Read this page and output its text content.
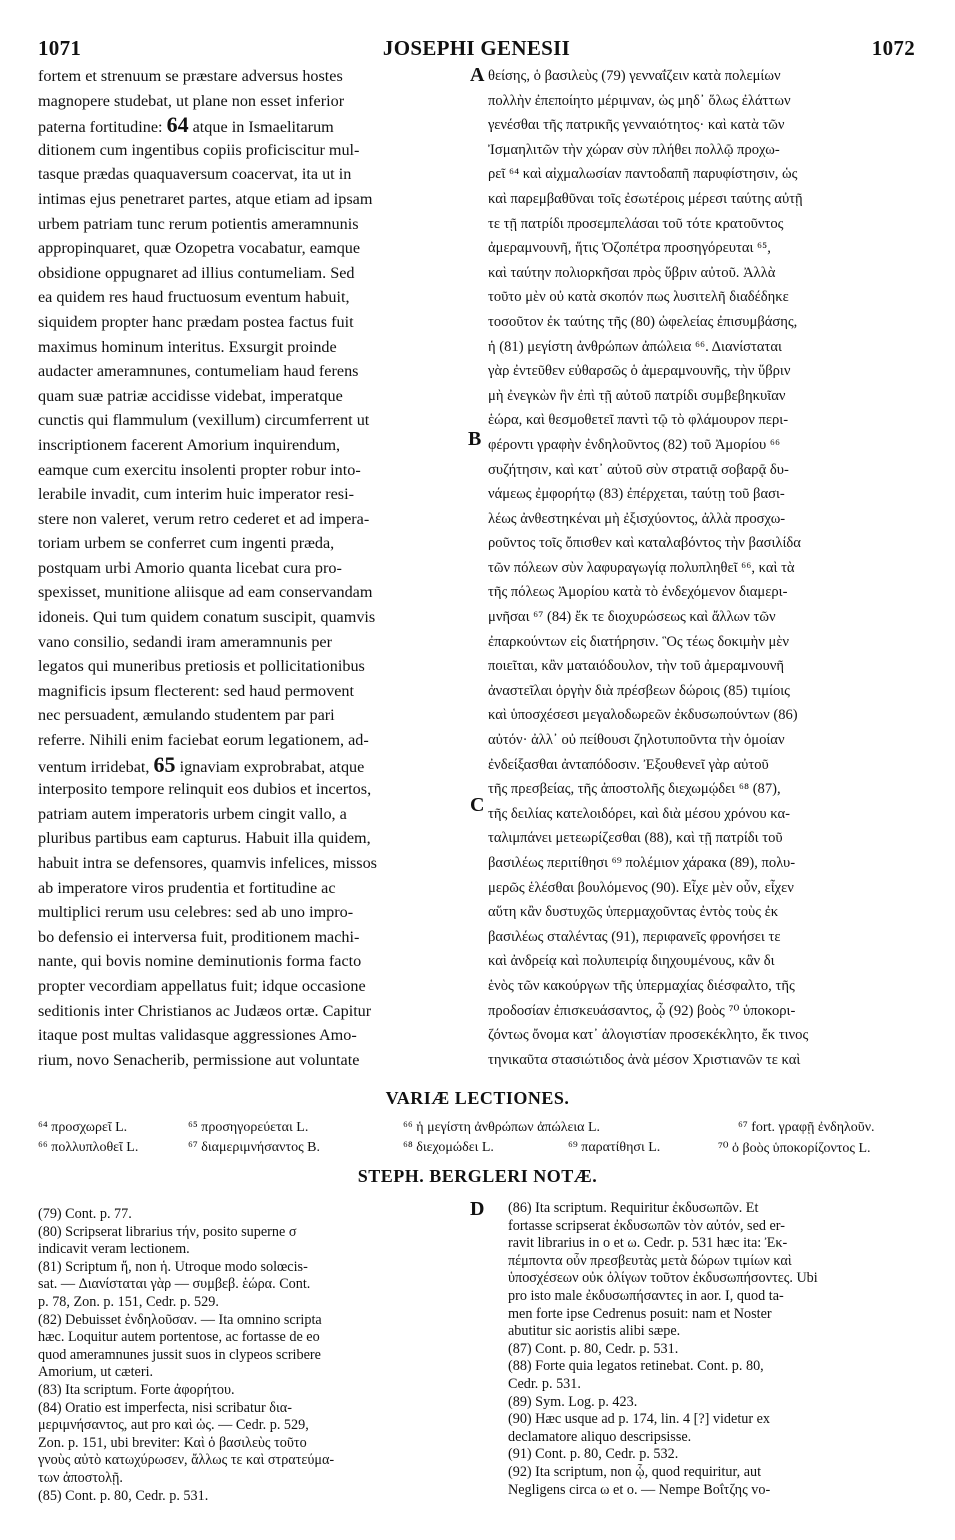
JOSEPHI GENESII
1071	1072
fortem et strenuum se præstare adversus hostes
magnopere studebat, ut plane non esset inferior
paterna fortitudine: 64 atque in Ismaelitarum
ditionem cum ingentibus copiis proficiscitur mul-
tasque prædas quaquaversum coacervat, ita ut in
intimas ejus penetraret partes, atque etiam ad ipsam
urbem patriam tunc rerum potientis ameramnunis
appropinquaret, quæ Ozopetra vocabatur, eamque
obsidione oppugnaret ad illius contumeliam. Sed
ea quidem res haud fructuosum eventum habuit,
siquidem propter hanc prædam postea factus fuit
maximus hominum interitus. Exsurgit proinde
audacter ameramnunes, contumeliam haud ferens
quam suæ patriæ accidisse videbat, imperatque
cunctis qui flammulum (vexillum) circumferrent ut
inscriptionem facerent Amorium inquirendum,
eamque cum exercitu insolenti propter robur into-
lerabile invadit, cum interim huic imperator resi-
stere non valeret, verum retro cederet et ad impera-
toriam urbem se conferret cum ingenti præda,
postquam urbi Amorio quanta licebat cura pro-
spexisset, munitione aliisque ad eam conservandam
idoneis. Qui tum quidem conatum suscipit, quamvis
vano consilio, sedandi iram ameramnunis per
legatos qui muneribus pretiosis et pollicitationibus
magnificis ipsum flecterent: sed haud permovent
nec persuadent, æmulando studentem par pari
referre. Nihili enim faciebat eorum legationem, ad-
ventum irridebat, 65 ignaviam exprobrabat, atque
interposito tempore relinquit eos dubios et incertos,
patriam autem imperatoris urbem cingit vallo, a
pluribus partibus eam capturus. Habuit illa quidem,
habuit intra se defensores, quamvis infelices, missos
ab imperatore viros prudentia et fortitudine ac
multiplici rerum usu celebres: sed ab uno impro-
bo defensio ei interversa fuit, proditionem machi-
nante, qui bovis nomine deminutionis forma facto
propter vecordiam appellatus fuit; idque occasione
seditionis inter Christianos ac Judæos ortæ. Capitur
itaque post multas validasque aggressiones Amo-
rium, novo Senacherib, permissione aut voluntate
θείσης, ὁ βασιλεὺς (79) γενναΐζειν κατὰ πολεμίων
πολλὴν ἐπεποίητο μέριμναν, ὡς μηδ᾽ ὅλως ἐλάττων
γενέσθαι τῆς πατρικῆς γενναιότητος· καὶ κατὰ τῶν
Ἰσμαηλιτῶν τὴν χώραν σὺν πλήθει πολλῷ προχω-
ρεῖ ⁶⁴ καὶ αἰχμαλωσίαν παντοδαπῆ παρυφίστησιν, ὡς
καὶ παρεμβαθῦναι τοῖς ἐσωτέροις μέρεσι ταύτης αὐτῇ
τε τῇ πατρίδι προσεμπελάσαι τοῦ τότε κρατοῦντος
ἀμεραμνουνῆ, ἥτις Ὀζοπέτρα προσηγόρευται ⁶⁵,
καὶ ταύτην πολιορκῆσαι πρὸς ὕβριν αὐτοῦ. Ἀλλὰ
τοῦτο μὲν οὐ κατὰ σκοπόν πως λυσιτελῆ διαδέδηκε
τοσοῦτον ἐκ ταύτης τῆς (80) ὠφελείας ἐπισυμβάσης,
ἡ (81) μεγίστη ἀνθρώπων ἀπώλεια ⁶⁶. Διανίσταται
γὰρ ἐντεῦθεν εὐθαρσῶς ὁ ἀμεραμνουνῆς, τὴν ὕβριν
μὴ ἐνεγκὼν ἣν ἐπὶ τῇ αὐτοῦ πατρίδι συμβεβηκυῖαν
ἑώρα, καὶ θεσμοθετεῖ παντὶ τῷ τὸ φλάμουρον περι-
φέροντι γραφὴν ἐνδηλοῦντος (82) τοῦ Ἀμορίου ⁶⁶
συζήτησιν, καὶ κατ᾽ αὐτοῦ σὺν στρατιᾷ σοβαρᾷ δυ-
νάμεως ἐμφορήτῳ (83) ἐπέρχεται, ταύτῃ τοῦ βασι-
λέως ἀνθεστηκέναι μὴ ἐξισχύοντος, ἀλλὰ προσχω-
ροῦντος τοῖς ὄπισθεν καὶ καταλαβόντος τὴν βασιλίδα
τῶν πόλεων σὺν λαφυραγωγίᾳ πολυπληθεῖ ⁶⁶, καὶ τὰ
τῆς πόλεως Ἀμορίου κατὰ τὸ ἐνδεχόμενον διαμερι-
μνῆσαι ⁶⁷ (84) ἔκ τε διοχυρώσεως καὶ ἄλλων τῶν
ἐπαρκούντων εἰς διατήρησιν. Ὃς τέως δοκιμὴν μὲν
ποιεῖται, κἂν ματαιόδουλον, τὴν τοῦ ἀμεραμνουνῆ
ἀναστεῖλαι ὀργὴν διὰ πρέσβεων δώροις (85) τιμίοις
καὶ ὑποσχέσεσι μεγαλοδωρεῶν ἐκδυσωπούντων (86)
αὐτόν· ἀλλ᾽ οὐ πείθουσι ζηλοτυποῦντα τὴν ὁμοίαν
ἐνδείξασθαι ἀνταπόδοσιν. Ἐξουθενεῖ γὰρ αὐτοῦ
τῆς πρεσβείας, τῆς ἀποστολῆς διεχωμῴδει ⁶⁸ (87),
τῆς δειλίας κατελοιδόρει, καὶ διὰ μέσου χρόνου κα-
ταλιμπάνει μετεωρίζεσθαι (88), καὶ τῇ πατρίδι τοῦ
βασιλέως περιτίθησι ⁶⁹ πολέμιον χάρακα (89), πολυ-
μερῶς ἑλέσθαι βουλόμενος (90). Εἶχε μὲν οὖν, εἶχεν
αὕτη κἂν δυστυχῶς ὑπερμαχοῦντας ἐντὸς τοὺς ἐκ
βασιλέως σταλέντας (91), περιφανεῖς φρονήσει τε
καὶ ἀνδρείᾳ καὶ πολυπειρίᾳ διηχουμένους, κἂν δι
ἑνὸς τῶν κακούργων τῆς ὑπερμαχίας διέσφαλτο, τῆς
προδοσίαν ἐπισκευάσαντος, ᾧ (92) βοὸς ⁷⁰ ὑποκορι-
ζόντως ὄνομα κατ᾽ ἀλογιστίαν προσεκέκλητο, ἔκ τινος
τηνικαῦτα στασιώτιδος ἀνὰ μέσον Χριστιανῶν τε καὶ
A
B
C
D
VARIÆ LECTIONES.
⁶⁴ προσχωρεῖ L.	⁶⁵ προσηγορεύεται L.	⁶⁶ ἡ μεγίστη ἀνθρώπων ἀπώλεια L.	⁶⁷ fort. γραφῇ ἐνδηλοῦν.
⁶⁶ πολλυπλοθεῖ L.	⁶⁷ διαμεριμνήσαντος B.	⁶⁸ διεχομώδει L.	⁶⁹ παρατίθησι L.	⁷⁰ ὁ βοὸς ὑποκορίζοντος L.
STEPH. BERGLERI NOTÆ.
(79) Cont. p. 77.
(80) Scripserat librarius τήν, posito superne σ
indicavit veram lectionem.
(81) Scriptum ἤ, non ἡ. Utroque modo solœcis-
sat. — Διανίσταται γὰρ — συμβεβ. ἑώρα. Cont.
p. 78, Zon. p. 151, Cedr. p. 529.
(82) Debuisset ἐνδηλοῦσαν. — Ita omnino scripta
hæc. Loquitur autem portentose, ac fortasse de eo
quod ameramnunes jussit suos in clypeos scribere
Amorium, ut cæteri.
(83) Ita scriptum. Forte ἀφορήτου.
(84) Oratio est imperfecta, nisi scribatur δια-
μεριμνήσαντος, aut pro καὶ ὡς. — Cedr. p. 529,
Zon. p. 151, ubi breviter: Καὶ ὁ βασιλεὺς τοῦτο
γνοὺς αὐτὸ κατωχύρωσεν, ἄλλως τε καὶ στρατεύμα-
των ἀποστολῇ.
(85) Cont. p. 80, Cedr. p. 531.
(86) Ita scriptum. Requiritur ἐκδυσωπῶν. Et
fortasse scripserat ἐκδυσωπῶν τὸν αὐτόν, sed er-
ravit librarius in o et ω. Cedr. p. 531 hæc ita: Ἐκ-
πέμποντα οὖν πρεσβευτὰς μετὰ δώρων τιμίων καὶ
ὑποσχέσεων οὐκ ὀλίγων τοῦτον ἐκδυσωπήσοντες. Ubi
pro isto male ἐκδυσωπήσαντες in aor. I, quod ta-
men forte ipse Cedrenus posuit: nam et Noster
abutitur sic aoristis alibi sæpe.
(87) Cont. p. 80, Cedr. p. 531.
(88) Forte quia legatos retinebat. Cont. p. 80,
Cedr. p. 531.
(89) Sym. Log. p. 423.
(90) Hæc usque ad p. 174, lin. 4 [?] videtur ex
declamatore aliquo descripsisse.
(91) Cont. p. 80, Cedr. p. 532.
(92) Ita scriptum, non ᾧ, quod requiritur, aut
Negligens circa ω et ο. — Nempe Βοΐτζης vo-
